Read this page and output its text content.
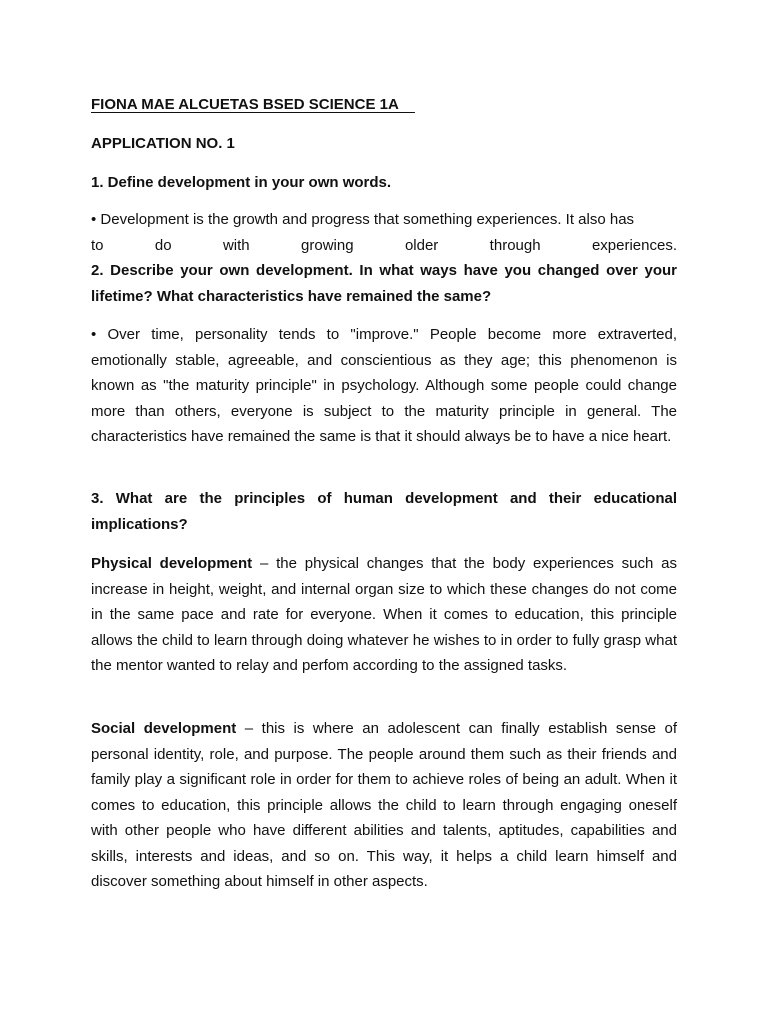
FIONA MAE ALCUETAS BSED SCIENCE 1A
APPLICATION NO. 1
1. Define development in your own words.

• Development is the growth and progress that something experiences. It also has

to do with growing older through experiences.

2. Describe your own development. In what ways have you changed over your lifetime? What characteristics have remained the same?

• Over time, personality tends to "improve." People become more extraverted, emotionally stable, agreeable, and conscientious as they age; this phenomenon is known as "the maturity principle" in psychology. Although some people could change more than others, everyone is subject to the maturity principle in general. The characteristics have remained the same is that it should always be to have a nice heart.

3. What are the principles of human development and their educational implications?

Physical development – the physical changes that the body experiences such as increase in height, weight, and internal organ size to which these changes do not come in the same pace and rate for everyone. When it comes to education, this principle allows the child to learn through doing whatever he wishes to in order to fully grasp what the mentor wanted to relay and perfom according to the assigned tasks.

Social development – this is where an adolescent can finally establish sense of personal identity, role, and purpose. The people around them such as their friends and family play a significant role in order for them to achieve roles of being an adult. When it comes to education, this principle allows the child to learn through engaging oneself with other people who have different abilities and talents, aptitudes, capabilities and skills, interests and ideas, and so on. This way, it helps a child learn himself and discover something about himself in other aspects.
